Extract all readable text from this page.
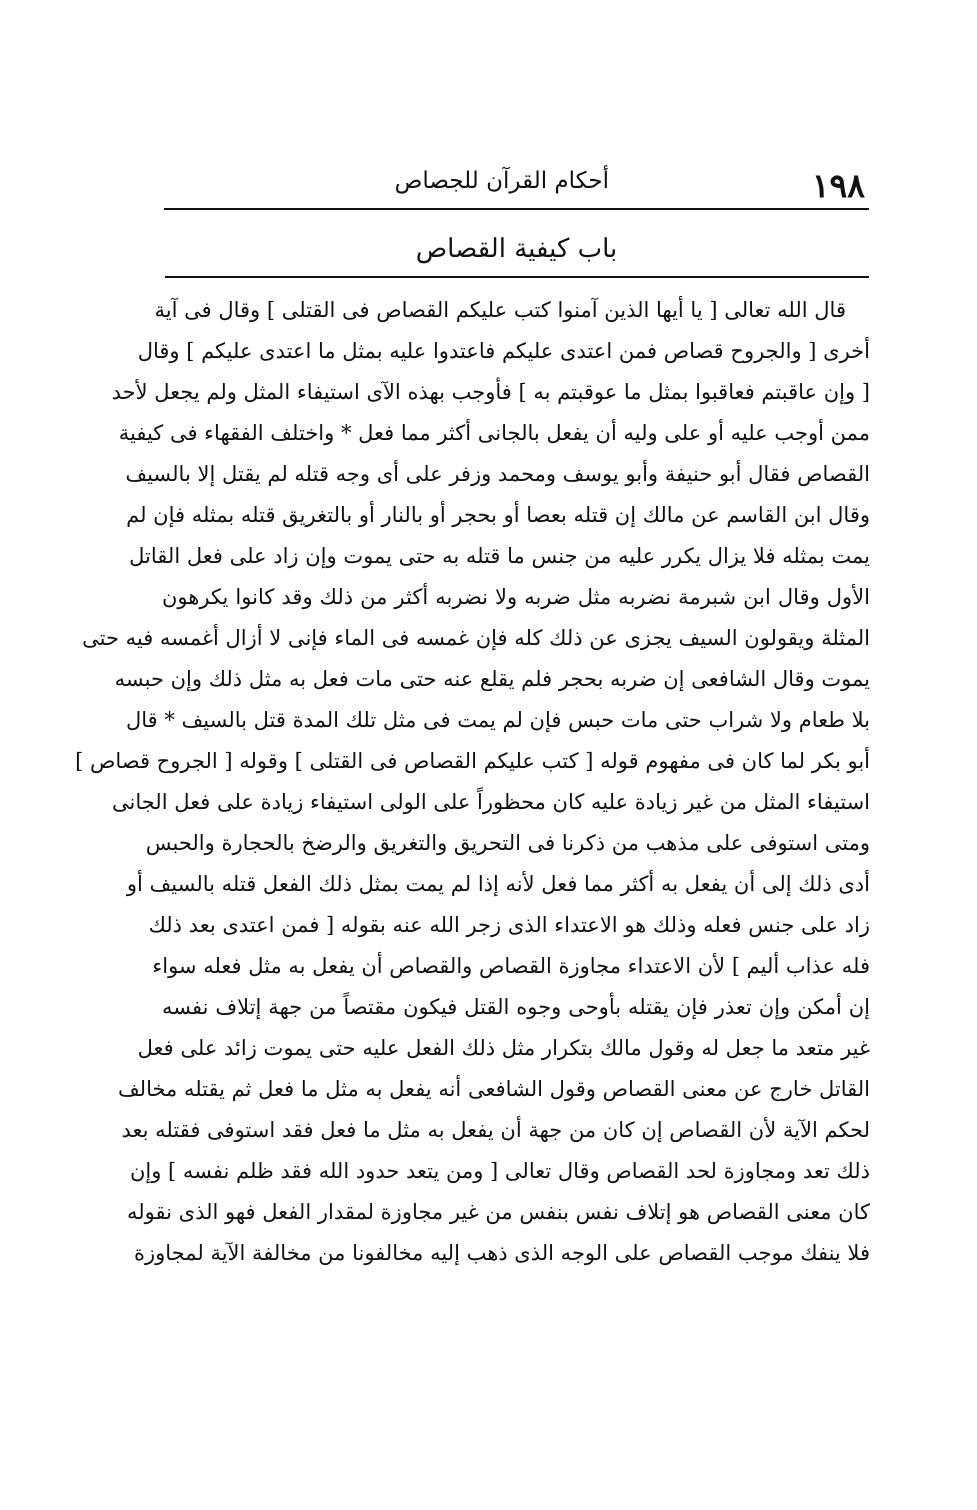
١٩٨
أحكام القرآن للجصاص
باب كيفية القصاص
قال الله تعالى [ يا أيها الذين آمنوا كتب عليكم القصاص فى القتلى ] وقال فى آية
أخرى [ والجروح قصاص فمن اعتدى عليكم فاعتدوا عليه بمثل ما اعتدى عليكم ] وقال
[ وإن عاقبتم فعاقبوا بمثل ما عوقبتم به ] فأوجب بهذه الآى استيفاء المثل ولم يجعل لأحد
ممن أوجب عليه أو على وليه أن يفعل بالجانى أكثر مما فعل * واختلف الفقهاء فى كيفية
القصاص فقال أبو حنيفة وأبو يوسف ومحمد وزفر على أى وجه قتله لم يقتل إلا بالسيف
وقال ابن القاسم عن مالك إن قتله بعصا أو بحجر أو بالنار أو بالتغريق قتله بمثله فإن لم
يمت بمثله فلا يزال يكرر عليه من جنس ما قتله به حتى يموت وإن زاد على فعل القاتل
الأول وقال ابن شبرمة نضربه مثل ضربه ولا نضربه أكثر من ذلك وقد كانوا يكرهون
المثلة ويقولون السيف يجزى عن ذلك كله فإن غمسه فى الماء فإنى لا أزال أغمسه فيه حتى
يموت وقال الشافعى إن ضربه بحجر فلم يقلع عنه حتى مات فعل به مثل ذلك وإن حبسه
بلا طعام ولا شراب حتى مات حبس فإن لم يمت فى مثل تلك المدة قتل بالسيف * قال
أبو بكر لما كان فى مفهوم قوله [ كتب عليكم القصاص فى القتلى ] وقوله [ الجروح قصاص ]
استيفاء المثل من غير زيادة عليه كان محظوراً على الولى استيفاء زيادة على فعل الجانى
ومتى استوفى على مذهب من ذكرنا فى التحريق والتغريق والرضخ بالحجارة والحبس
أدى ذلك إلى أن يفعل به أكثر مما فعل لأنه إذا لم يمت بمثل ذلك الفعل قتله بالسيف أو
زاد على جنس فعله وذلك هو الاعتداء الذى زجر الله عنه بقوله [ فمن اعتدى بعد ذلك
فله عذاب أليم ] لأن الاعتداء مجاوزة القصاص والقصاص أن يفعل به مثل فعله سواء
إن أمكن وإن تعذر فإن يقتله بأوحى وجوه القتل فيكون مقتصاً من جهة إتلاف نفسه
غير متعد ما جعل له وقول مالك بتكرار مثل ذلك الفعل عليه حتى يموت زائد على فعل
القاتل خارج عن معنى القصاص وقول الشافعى أنه يفعل به مثل ما فعل ثم يقتله مخالف
لحكم الآية لأن القصاص إن كان من جهة أن يفعل به مثل ما فعل فقد استوفى فقتله بعد
ذلك تعد ومجاوزة لحد القصاص وقال تعالى [ ومن يتعد حدود الله فقد ظلم نفسه ] وإن
كان معنى القصاص هو إتلاف نفس بنفس من غير مجاوزة لمقدار الفعل فهو الذى نقوله
فلا ينفك موجب القصاص على الوجه الذى ذهب إليه مخالفونا من مخالفة الآية لمجاوزة
